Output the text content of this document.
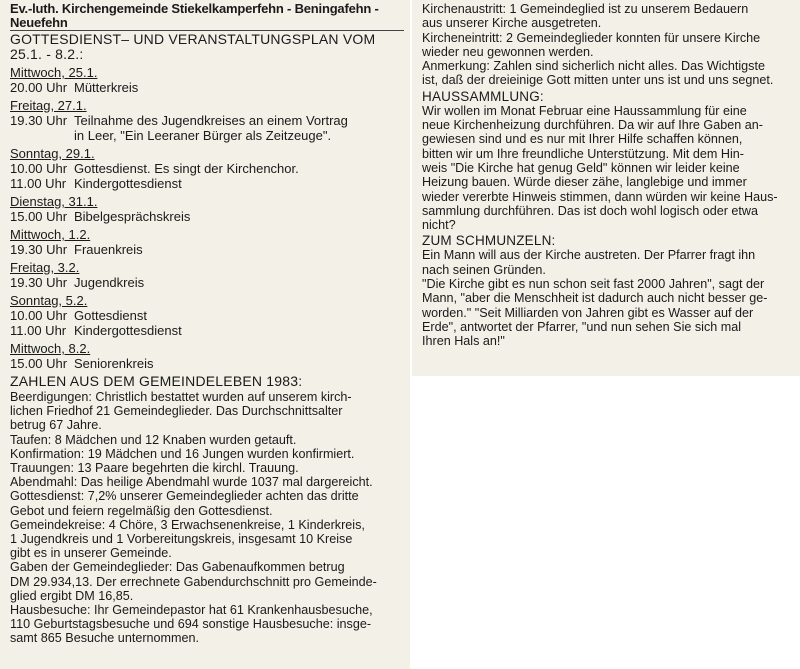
Ev.-luth. Kirchengemeinde Stiekelkamperfehn - Beningafehn -
Neuefehn
GOTTESDIENST– UND VERANSTALTUNGSPLAN VOM
25.1. - 8.2.:
Mittwoch, 25.1.
20.00 Uhr Mütterkreis
Freitag, 27.1.
19.30 Uhr Teilnahme des Jugendkreises an einem Vortrag
in Leer, "Ein Leeraner Bürger als Zeitzeuge".
Sonntag, 29.1.
10.00 Uhr Gottesdienst. Es singt der Kirchenchor.
11.00 Uhr Kindergottesdienst
Dienstag, 31.1.
15.00 Uhr Bibelgesprächskreis
Mittwoch, 1.2.
19.30 Uhr Frauenkreis
Freitag, 3.2.
19.30 Uhr Jugendkreis
Sonntag, 5.2.
10.00 Uhr Gottesdienst
11.00 Uhr Kindergottesdienst
Mittwoch, 8.2.
15.00 Uhr Seniorenkreis
ZAHLEN AUS DEM GEMEINDELEBEN 1983:
Beerdigungen: Christlich bestattet wurden auf unserem kirch-
lichen Friedhof 21 Gemeindeglieder. Das Durchschnittsalter
betrug 67 Jahre.
Taufen: 8 Mädchen und 12 Knaben wurden getauft.
Konfirmation: 19 Mädchen und 16 Jungen wurden konfirmiert.
Trauungen: 13 Paare begehrten die kirchl. Trauung.
Abendmahl: Das heilige Abendmahl wurde 1037 mal dargereicht.
Gottesdienst: 7,2% unserer Gemeindeglieder achten das dritte
Gebot und feiern regelmäßig den Gottesdienst.
Gemeindekreise: 4 Chöre, 3 Erwachsenenkreise, 1 Kinderkreis,
1 Jugendkreis und 1 Vorbereitungskreis, insgesamt 10 Kreise
gibt es in unserer Gemeinde.
Gaben der Gemeindeglieder: Das Gabenaufkommen betrug
DM 29.934,13. Der errechnete Gabendurchschnitt pro Gemeinde-
glied ergibt DM 16,85.
Hausbesuche: Ihr Gemeindepastor hat 61 Krankenhausbesuche,
110 Geburtstagsbesuche und 694 sonstige Hausbesuche: insge-
samt 865 Besuche unternommen.
Kirchenaustritt: 1 Gemeindeglied ist zu unserem Bedauern
aus unserer Kirche ausgetreten.
Kircheneintritt: 2 Gemeindeglieder konnten für unsere Kirche
wieder neu gewonnen werden.
Anmerkung: Zahlen sind sicherlich nicht alles. Das Wichtigste
ist, daß der dreieinige Gott mitten unter uns ist und uns segnet.
HAUSSAMMLUNG:
Wir wollen im Monat Februar eine Haussammlung für eine
neue Kirchenheizung durchführen. Da wir auf Ihre Gaben an-
gewiesen sind und es nur mit Ihrer Hilfe schaffen können,
bitten wir um Ihre freundliche Unterstützung. Mit dem Hin-
weis "Die Kirche hat genug Geld" können wir leider keine
Heizung bauen. Würde dieser zähe, langlebige und immer
wieder vererbte Hinweis stimmen, dann würden wir keine Haus-
sammlung durchführen. Das ist doch wohl logisch oder etwa
nicht?
ZUM SCHMUNZELN:
Ein Mann will aus der Kirche austreten. Der Pfarrer fragt ihn
nach seinen Gründen.
"Die Kirche gibt es nun schon seit fast 2000 Jahren", sagt der
Mann, "aber die Menschheit ist dadurch auch nicht besser ge-
worden." "Seit Milliarden von Jahren gibt es Wasser auf der
Erde", antwortet der Pfarrer, "und nun sehen Sie sich mal
Ihren Hals an!"
